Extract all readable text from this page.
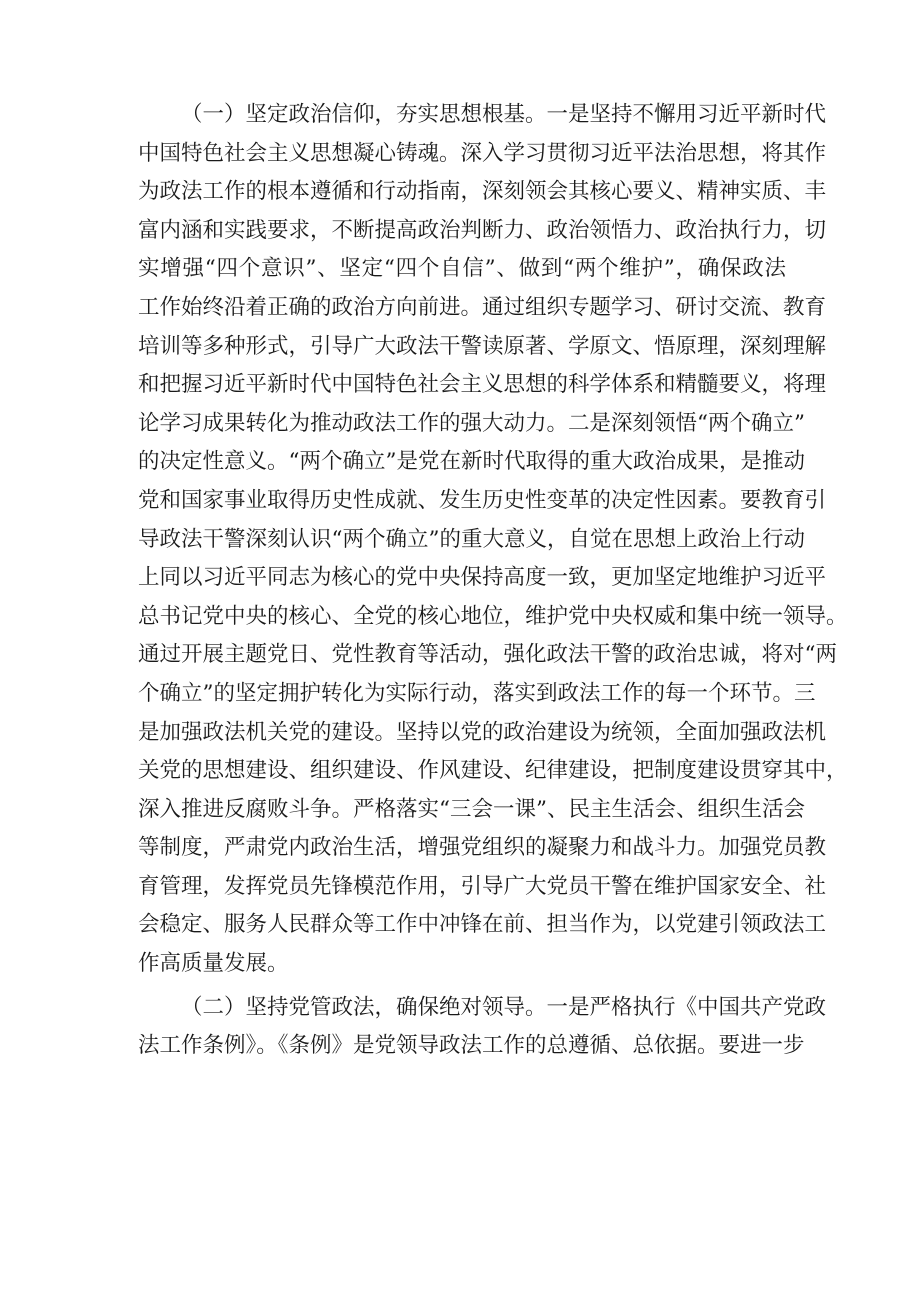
（一）坚定政治信仰，夯实思想根基。一是坚持不懈用习近平新时代
中国特色社会主义思想凝心铸魂。深入学习贯彻习近平法治思想，将其作
为政法工作的根本遵循和行动指南，深刻领会其核心要义、精神实质、丰
富内涵和实践要求，不断提高政治判断力、政治领悟力、政治执行力，切
实增强“四个意识”、坚定“四个自信”、做到“两个维护”，确保政法
工作始终沿着正确的政治方向前进。通过组织专题学习、研讨交流、教育
培训等多种形式，引导广大政法干警读原著、学原文、悟原理，深刻理解
和把握习近平新时代中国特色社会主义思想的科学体系和精髓要义，将理
论学习成果转化为推动政法工作的强大动力。二是深刻领悟“两个确立”
的决定性意义。“两个确立”是党在新时代取得的重大政治成果，是推动
党和国家事业取得历史性成就、发生历史性变革的决定性因素。要教育引
导政法干警深刻认识“两个确立”的重大意义，自觉在思想上政治上行动
上同以习近平同志为核心的党中央保持高度一致，更加坚定地维护习近平
总书记党中央的核心、全党的核心地位，维护党中央权威和集中统一领导。
通过开展主题党日、党性教育等活动，强化政法干警的政治忠诚，将对“两
个确立”的坚定拥护转化为实际行动，落实到政法工作的每一个环节。三
是加强政法机关党的建设。坚持以党的政治建设为统领，全面加强政法机
关党的思想建设、组织建设、作风建设、纪律建设，把制度建设贯穿其中，
深入推进反腐败斗争。严格落实“三会一课”、民主生活会、组织生活会
等制度，严肃党内政治生活，增强党组织的凝聚力和战斗力。加强党员教
育管理，发挥党员先锋模范作用，引导广大党员干警在维护国家安全、社
会稳定、服务人民群众等工作中冲锋在前、担当作为，以党建引领政法工
作高质量发展。
（二）坚持党管政法，确保绝对领导。一是严格执行《中国共产党政
法工作条例》。《条例》是党领导政法工作的总遵循、总依据。要进一步
